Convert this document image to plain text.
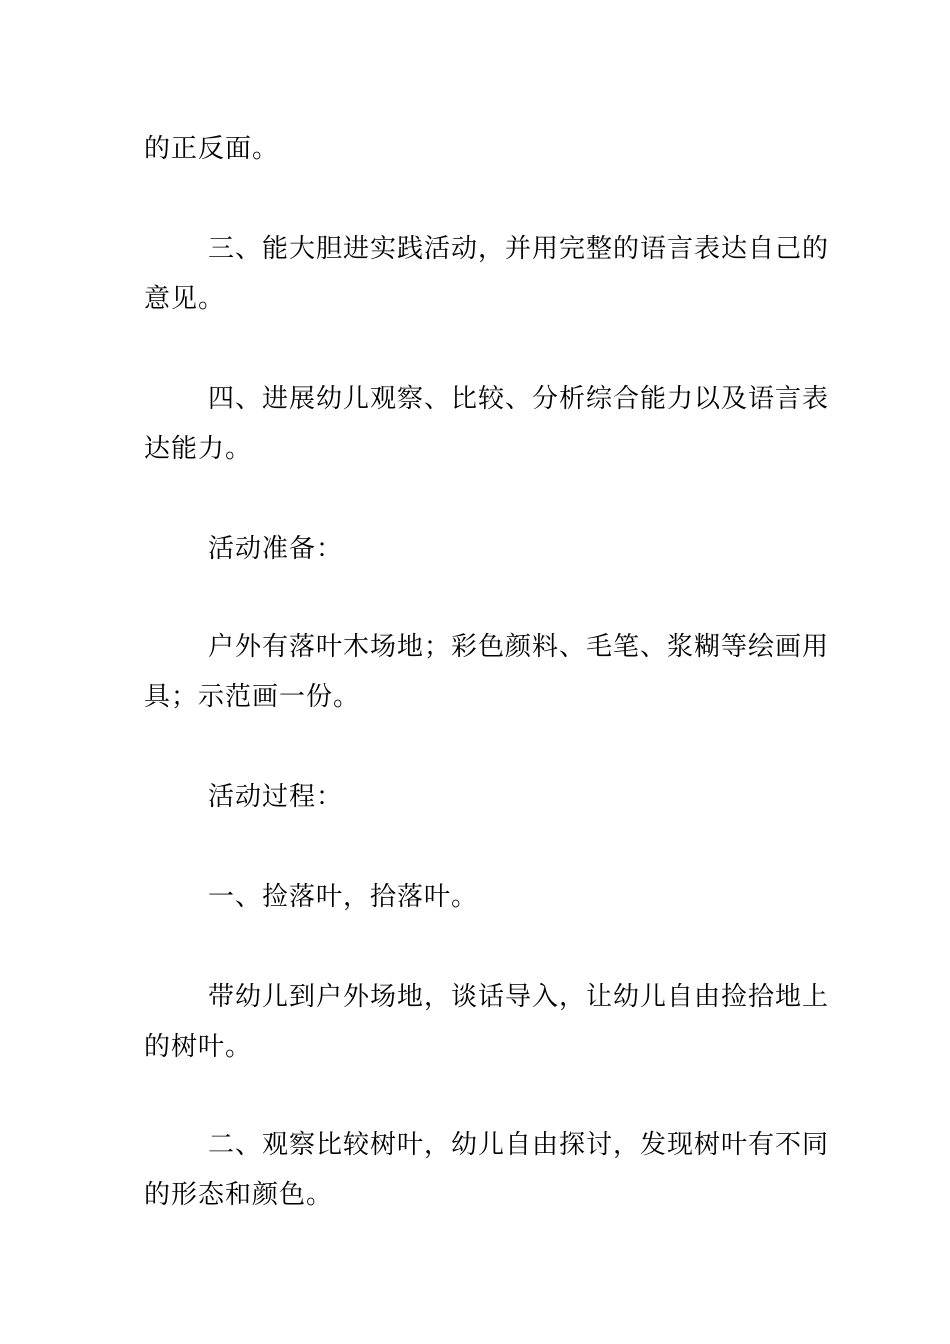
的正反面。
三、能大胆进实践活动，并用完整的语言表达自己的
意见。
四、进展幼儿观察、比较、分析综合能力以及语言表
达能力。
活动准备：
户外有落叶木场地；彩色颜料、毛笔、浆糊等绘画用
具；示范画一份。
活动过程：
一、捡落叶，拾落叶。
带幼儿到户外场地，谈话导入，让幼儿自由捡拾地上
的树叶。
二、观察比较树叶，幼儿自由探讨，发现树叶有不同
的形态和颜色。
